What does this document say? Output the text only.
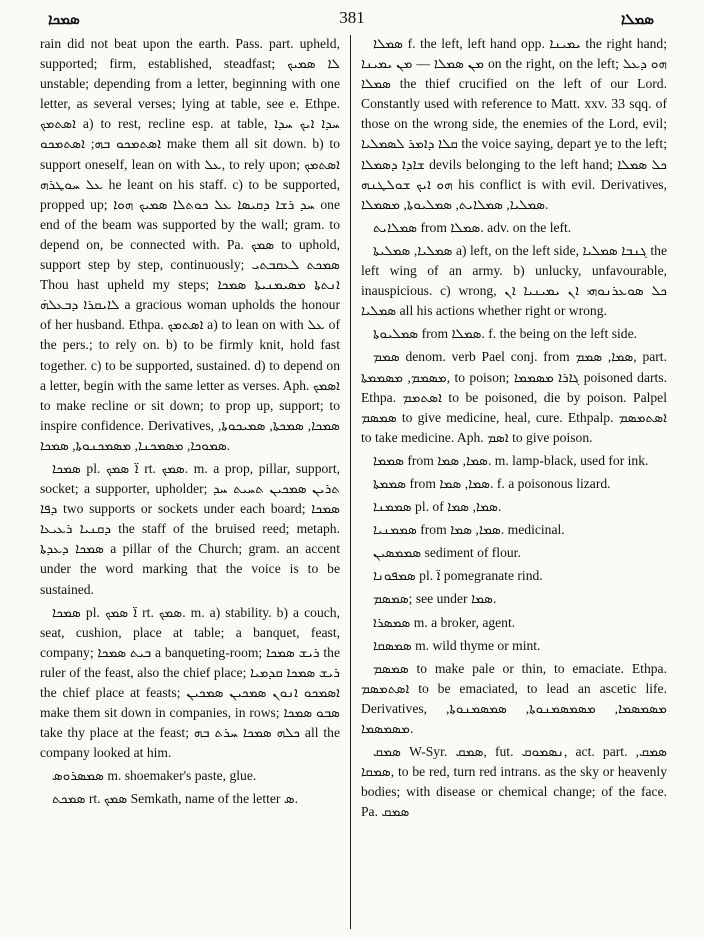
ܣܡܟܐ	381	ܣܡܠܐ

rain did not beat upon the earth. Pass. part. upheld, supported; firm, established, steadfast; ܠܐ ܣܡܝܟ unstable; depending from a letter, beginning with one letter, as several verses; lying at table, see e. Ethpe. ܐܣܬܡܟ a) to rest, recline esp. at table, ܚܕܐ ܐܝܟ ܚܕܐ ܐܣܬܡܟܘ ܒܗ; ܐܣܬܡܟܘ make them all sit down. b) to support oneself, lean on with ܥܠ, to rely upon; ܐܣܬܡܟ ܥܠ ܚܘܛܪܗ he leant on his staff. c) to be supported, propped up; ܚܕ ܪܫܐ ܕܩܝܣܐ ܥܠ ܟܘܬܠܐ ܣܡܝܟ ܗܘܐ one end of the beam was supported by the wall; gram. to depend on, be connected with. Pa. ܣܡܟ to uphold, support step by step, continuously; ܣܡܟܬ ܠܥܩܒܬܝ Thou hast upheld my steps; ܐܢܬܬܐ ܡܣܝܡܢܝܬܐ ܣܡܟܐ ܠܐܝܩܪܐ ܕܒܥܠܗ̇ a gracious woman upholds the honour of her husband. Ethpa. ܐܣܬܡܟ a) to lean on with ܥܠ of the pers.; to rely on. b) to be firmly knit, hold fast together. c) to be supported, sustained. d) to depend on a letter, begin with the same letter as verses. Aph. ܐܣܡܟ to make recline or sit down; to prop up, support; to inspire confidence. Derivatives, ܣܡܟܐ, ܣܡܟܬܐ, ܣܡܝܟܘܬܐ, ܣܡܘܟܐ, ܡܣܡܟܢܐ, ܡܣܡܟܢܘܬܐ, ܣܡܟܐ.

ܣܡܟܐ pl. ܐ̈ ܣܡܟ rt. ܣܡܟ. m. a prop, pillar, support, socket; a supporter, upholder; ܬܪܝܢ ܣܡܟܝܢ ܬܚܝܬ ܚܕ ܕܦܐ two supports or sockets under each board; ܣܡܟܐ ܕܩܢܝܐ ܪܥܝܥܐ the staff of the bruised reed; metaph. ܣܡܟܐ ܕܥܕܬܐ a pillar of the Church; gram. an accent under the word marking that the voice is to be sustained.

ܣܡܟܐ pl. ܐ̈ ܣܡܟ rt. ܣܡܟ. m. a) stability. b) a couch, seat, cushion, place at table; a banquet, feast, company; ܒܝܬ ܣܡܟܐ a banqueting-room; ܪܝܫ ܣܡܟܐ the ruler of the feast, also the chief place; ܪܝܫ ܣܡܟܐ ܩܕܡܝܐ the chief place at feasts; ܐܣܡܟܘ ܐܢܘܢ ܣܡܟܝܢ ܣܡܟܝܢ make them sit down in companies, in rows; ܣܒܘ ܣܡܟܐ take thy place at the feast; ܟܠܗ ܣܡܟܐ ܚܪܬ ܒܗ all the company looked at him.

ܣܡܣܪܘܣ m. shoemaker's paste, glue.

ܣܡܟܬ rt. ܣܡܟ Semkath, name of the letter ܣ.

ܣܡܠܐ f. the left, left hand opp. ܝܡܝܢܐ the right hand; ܡܢ ܣܡܠܐ — ܡܢ ܝܡܝܢܐ on the right, on the left; ܗܘ ܕܥܠ ܣܡܠܐ the thief crucified on the left of our Lord. Constantly used with reference to Matt. xxv. 33 sqq. of those on the wrong side, the enemies of the Lord, evil; ܩܠܐ ܕܐܡܪ ܠܣܡܠܝܐ the voice saying, depart ye to the left; ܫܐܕܐ ܕܣܡܠܐ devils belonging to the left hand; ܟܠ ܣܡܠܐ ܗܘ ܐܝܟ ܫܘܠܛܢܗ his conflict is with evil. Derivatives, ܣܡܠܝܐ, ܣܡܠܐܝܬ, ܣܡܠܝܘܬܐ, ܡܣܡܠܐ.

ܣܡܠܐܝܬ from ܣܡܠܐ. adv. on the left.

ܣܡܠܝܐ, ܣܡܠܝܬܐ a) left, on the left side, ܓܢܒܐ ܣܡܠܝܐ the left wing of an army. b) unlucky, unfavourable, inauspicious. c) wrong, ܟܠ ܣܘܥܪܢܘܗܝ ܐܢ ܝܡܝܢܝܐ ܐܢ ܣܡܠܝܐ all his actions whether right or wrong.

ܣܡܠܝܘܬܐ from ܣܡܠܐ. f. the being on the left side.

ܣܡܡ denom. verb Pael conj. from ܣܡܐ, ܣܡܡ, part. ܡܣܡܡ, ܡܣܡܡܬܐ, to poison; ܓܐܪܐ ܡܣܡܡܐ poisoned darts. Ethpa. ܐܣܬܡܡ to be poisoned, die by poison. Palpel ܣܡܣܡ to give medicine, heal, cure. Ethpalp. ܐܣܬܡܣܡ to take medicine. Aph. ܐܣܡ to give poison.

ܣܡܡܐ from ܣܡܐ, ܣܡܐ. m. lamp-black, used for ink.

ܣܡܡܬܐ from ܣܡܐ, ܣܡܐ. f. a poisonous lizard.

ܣܡܡܢܐ pl. of ܣܡܐ, ܣܡܐ.

ܣܡܡܢܝܐ from ܣܡܐ, ܣܡܐ. medicinal.

ܣܡܡܣܝܢ sediment of flour.

ܣܡܦܘܢܐ pl. ܐ̈ pomegranate rind.

ܣܡܣܡ; see under ܣܡܐ.

ܣܡܣܪܐ m. a broker, agent.

ܣܡܣܩܐ m. wild thyme or mint.

ܣܡܣܡ to make pale or thin, to emaciate. Ethpa. ܐܣܬܡܣܡ to be emaciated, to lead an ascetic life. Derivatives, ܡܣܡܣܡܐ, ܡܣܡܣܡܢܘܬܐ, ܣܡܣܡܢܘܬܐ, ܡܣܡܣܡܐ.

ܣܡܩ W-Syr. ܣܡܩ, fut. ܢܣܡܘܩ, act. part. ܣܡܩ, ܣܡܩܐ, to be red, turn red intrans. as the sky or heavenly bodies; with disease or chemical change; of the face. Pa. ܣܡܩ
